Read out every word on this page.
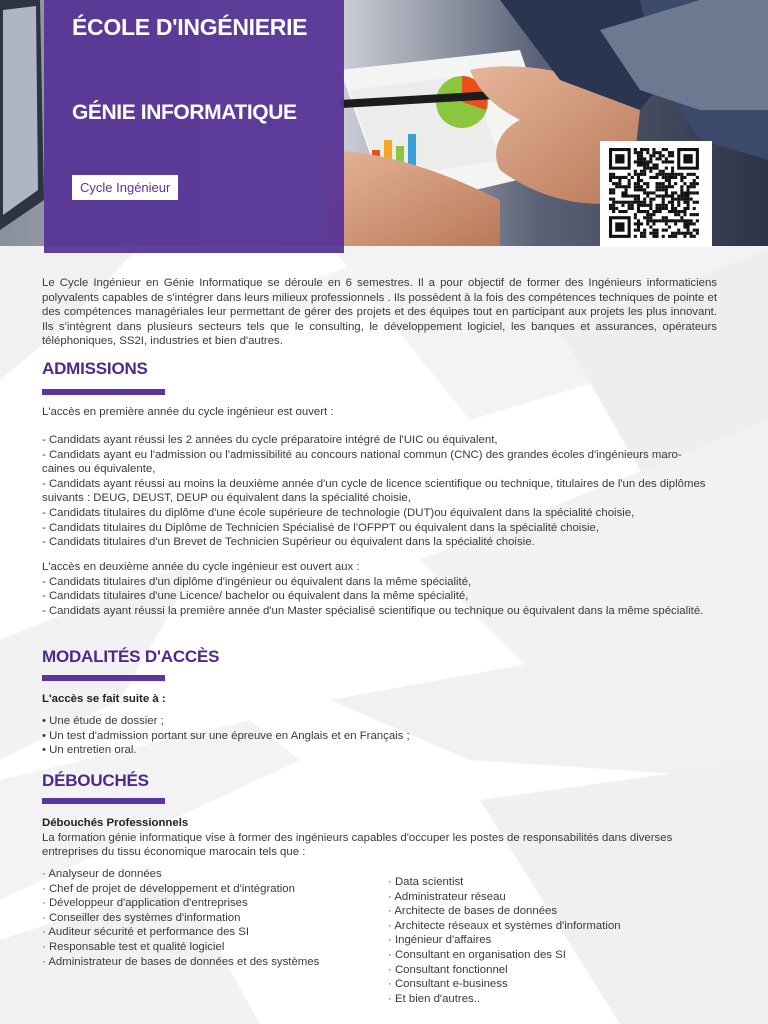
ÉCOLE D'INGÉNIERIE
GÉNIE INFORMATIQUE
Cycle Ingénieur
Le Cycle Ingénieur en Génie Informatique se déroule en 6 semestres. Il a pour objectif de former des Ingénieurs informaticiens polyvalents capables de s'intégrer dans leurs milieux professionnels . Ils possèdent à la fois des compétences techniques de pointe et des compétences managériales leur permettant de gérer des projets et des équipes tout en participant aux projets les plus innovant. Ils s'intègrent dans plusieurs secteurs tels que le consulting, le développement logiciel, les banques et assurances, opérateurs téléphoniques, SS2I, industries et bien d'autres.
ADMISSIONS
L'accès en première année du cycle ingénieur est ouvert :
- Candidats ayant réussi les 2 années du cycle préparatoire intégré de l'UIC ou équivalent,
- Candidats ayant eu l'admission ou l'admissibilité au concours national commun (CNC) des grandes écoles d'ingénieurs maro-caines ou équivalente,
- Candidats ayant réussi au moins la deuxième année d'un cycle de licence scientifique ou technique, titulaires de l'un des diplômes suivants : DEUG, DEUST, DEUP ou équivalent dans la spécialité choisie,
- Candidats titulaires du diplôme d'une école supérieure de technologie (DUT)ou équivalent dans la spécialité choisie,
- Candidats titulaires du Diplôme de Technicien Spécialisé de l'OFPPT ou équivalent dans la spécialité choisie,
- Candidats titulaires d'un Brevet de Technicien Supérieur ou équivalent dans la spécialité choisie.
L'accès en deuxième année du cycle ingénieur est ouvert aux :
- Candidats titulaires d'un diplôme d'ingénieur ou équivalent dans la même spécialité,
- Candidats titulaires d'une Licence/ bachelor ou équivalent dans la même spécialité,
- Candidats ayant réussi la première année d'un Master spécialisé scientifique ou technique ou équivalent dans la même spécialité.
MODALITÉS D'ACCÈS
L'accès se fait suite à :
• Une étude de dossier ;
• Un test d'admission portant sur une épreuve en Anglais et en Français ;
• Un entretien oral.
DÉBOUCHÉS
Débouchés Professionnels
La formation génie informatique vise à former des ingénieurs capables d'occuper les postes de responsabilités dans diverses entreprises du tissu économique marocain tels que :
· Analyseur de données
· Chef de projet de développement et d'intégration
· Développeur d'application d'entreprises
· Conseiller des systèmes d'information
· Auditeur sécurité et performance des SI
· Responsable test et qualité logiciel
· Administrateur de bases de données et des systèmes
· Data scientist
· Administrateur réseau
· Architecte de bases de données
· Architecte réseaux et systèmes d'information
· Ingénieur d'affaires
· Consultant en organisation des SI
· Consultant fonctionnel
· Consultant e-business
· Et bien d'autres..
